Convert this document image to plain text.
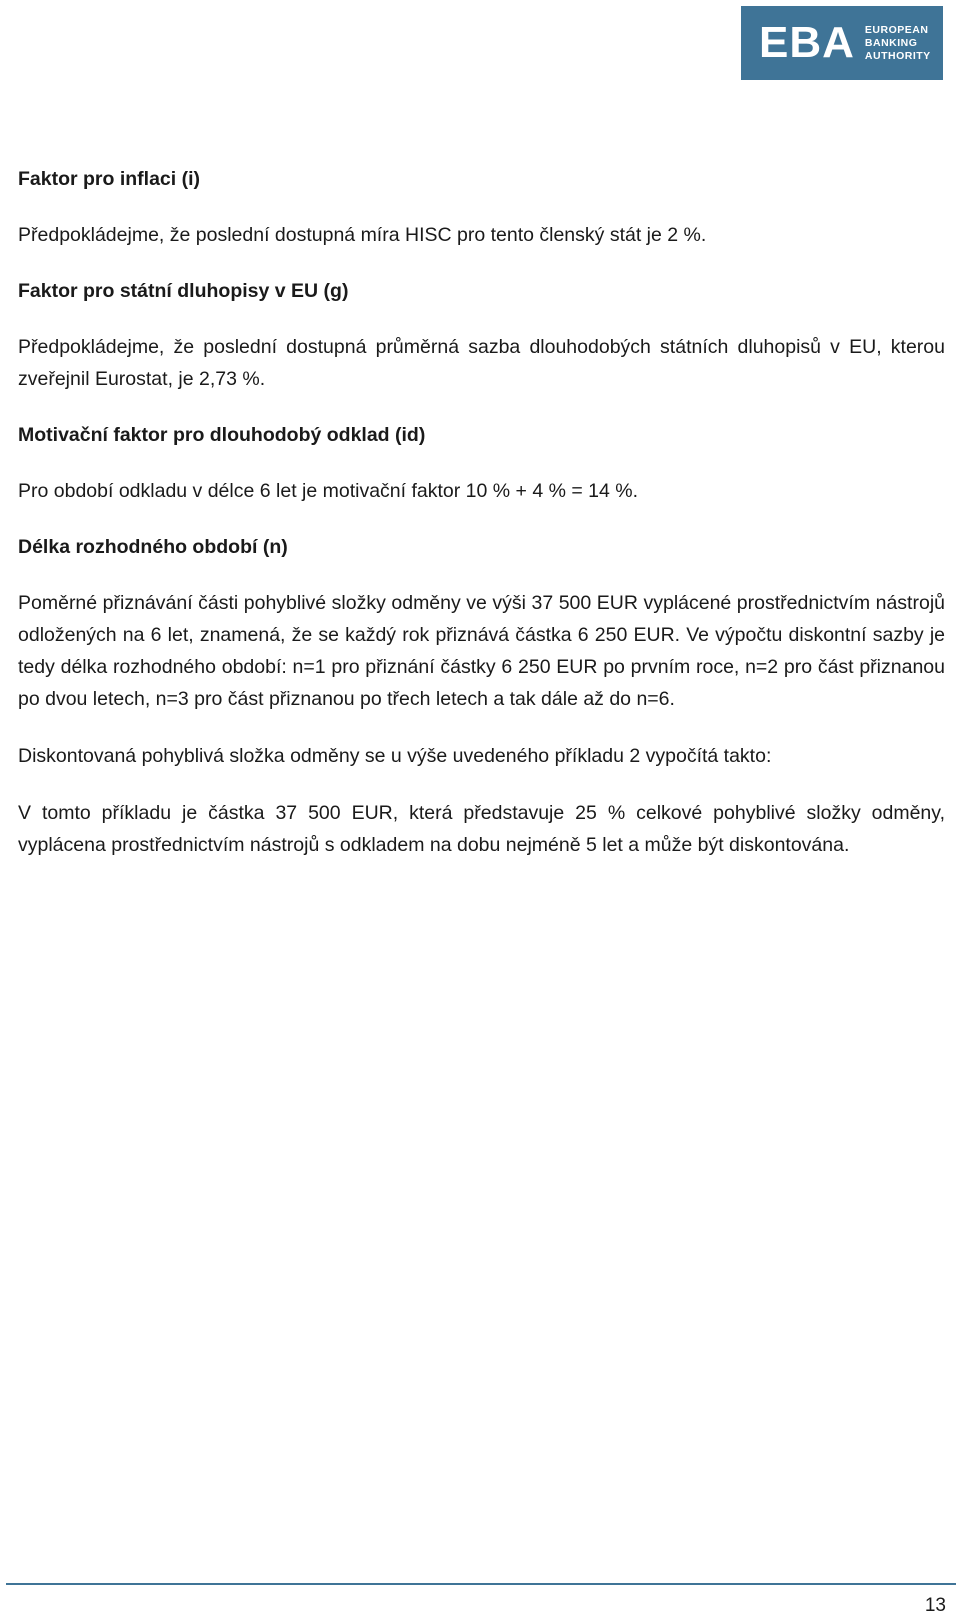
EBA EUROPEAN
BANKING
AUTHORITY

Faktor pro inflaci (i)

Předpokládejme, že poslední dostupná míra HISC pro tento členský stát je 2 %.

Faktor pro státní dluhopisy v EU (g)

Předpokládejme, že poslední dostupná průměrná sazba dlouhodobých státních dluhopisů v EU, kterou zveřejnil Eurostat, je 2,73 %.

Motivační faktor pro dlouhodobý odklad (id)

Pro období odkladu v délce 6 let je motivační faktor 10 % + 4 % = 14 %.

Délka rozhodného období (n)

Poměrné přiznávání části pohyblivé složky odměny ve výši 37 500 EUR vyplácené prostřednictvím nástrojů odložených na 6 let, znamená, že se každý rok přiznává částka 6 250 EUR. Ve výpočtu diskontní sazby je tedy délka rozhodného období: n=1 pro přiznání částky 6 250 EUR po prvním roce, n=2 pro část přiznanou po dvou letech, n=3 pro část přiznanou po třech letech a tak dále až do n=6.

Diskontovaná pohyblivá složka odměny se u výše uvedeného příkladu 2 vypočítá takto:

V tomto příkladu je částka 37 500 EUR, která představuje 25 % celkové pohyblivé složky odměny, vyplácena prostřednictvím nástrojů s odkladem na dobu nejméně 5 let a může být diskontována.

13
